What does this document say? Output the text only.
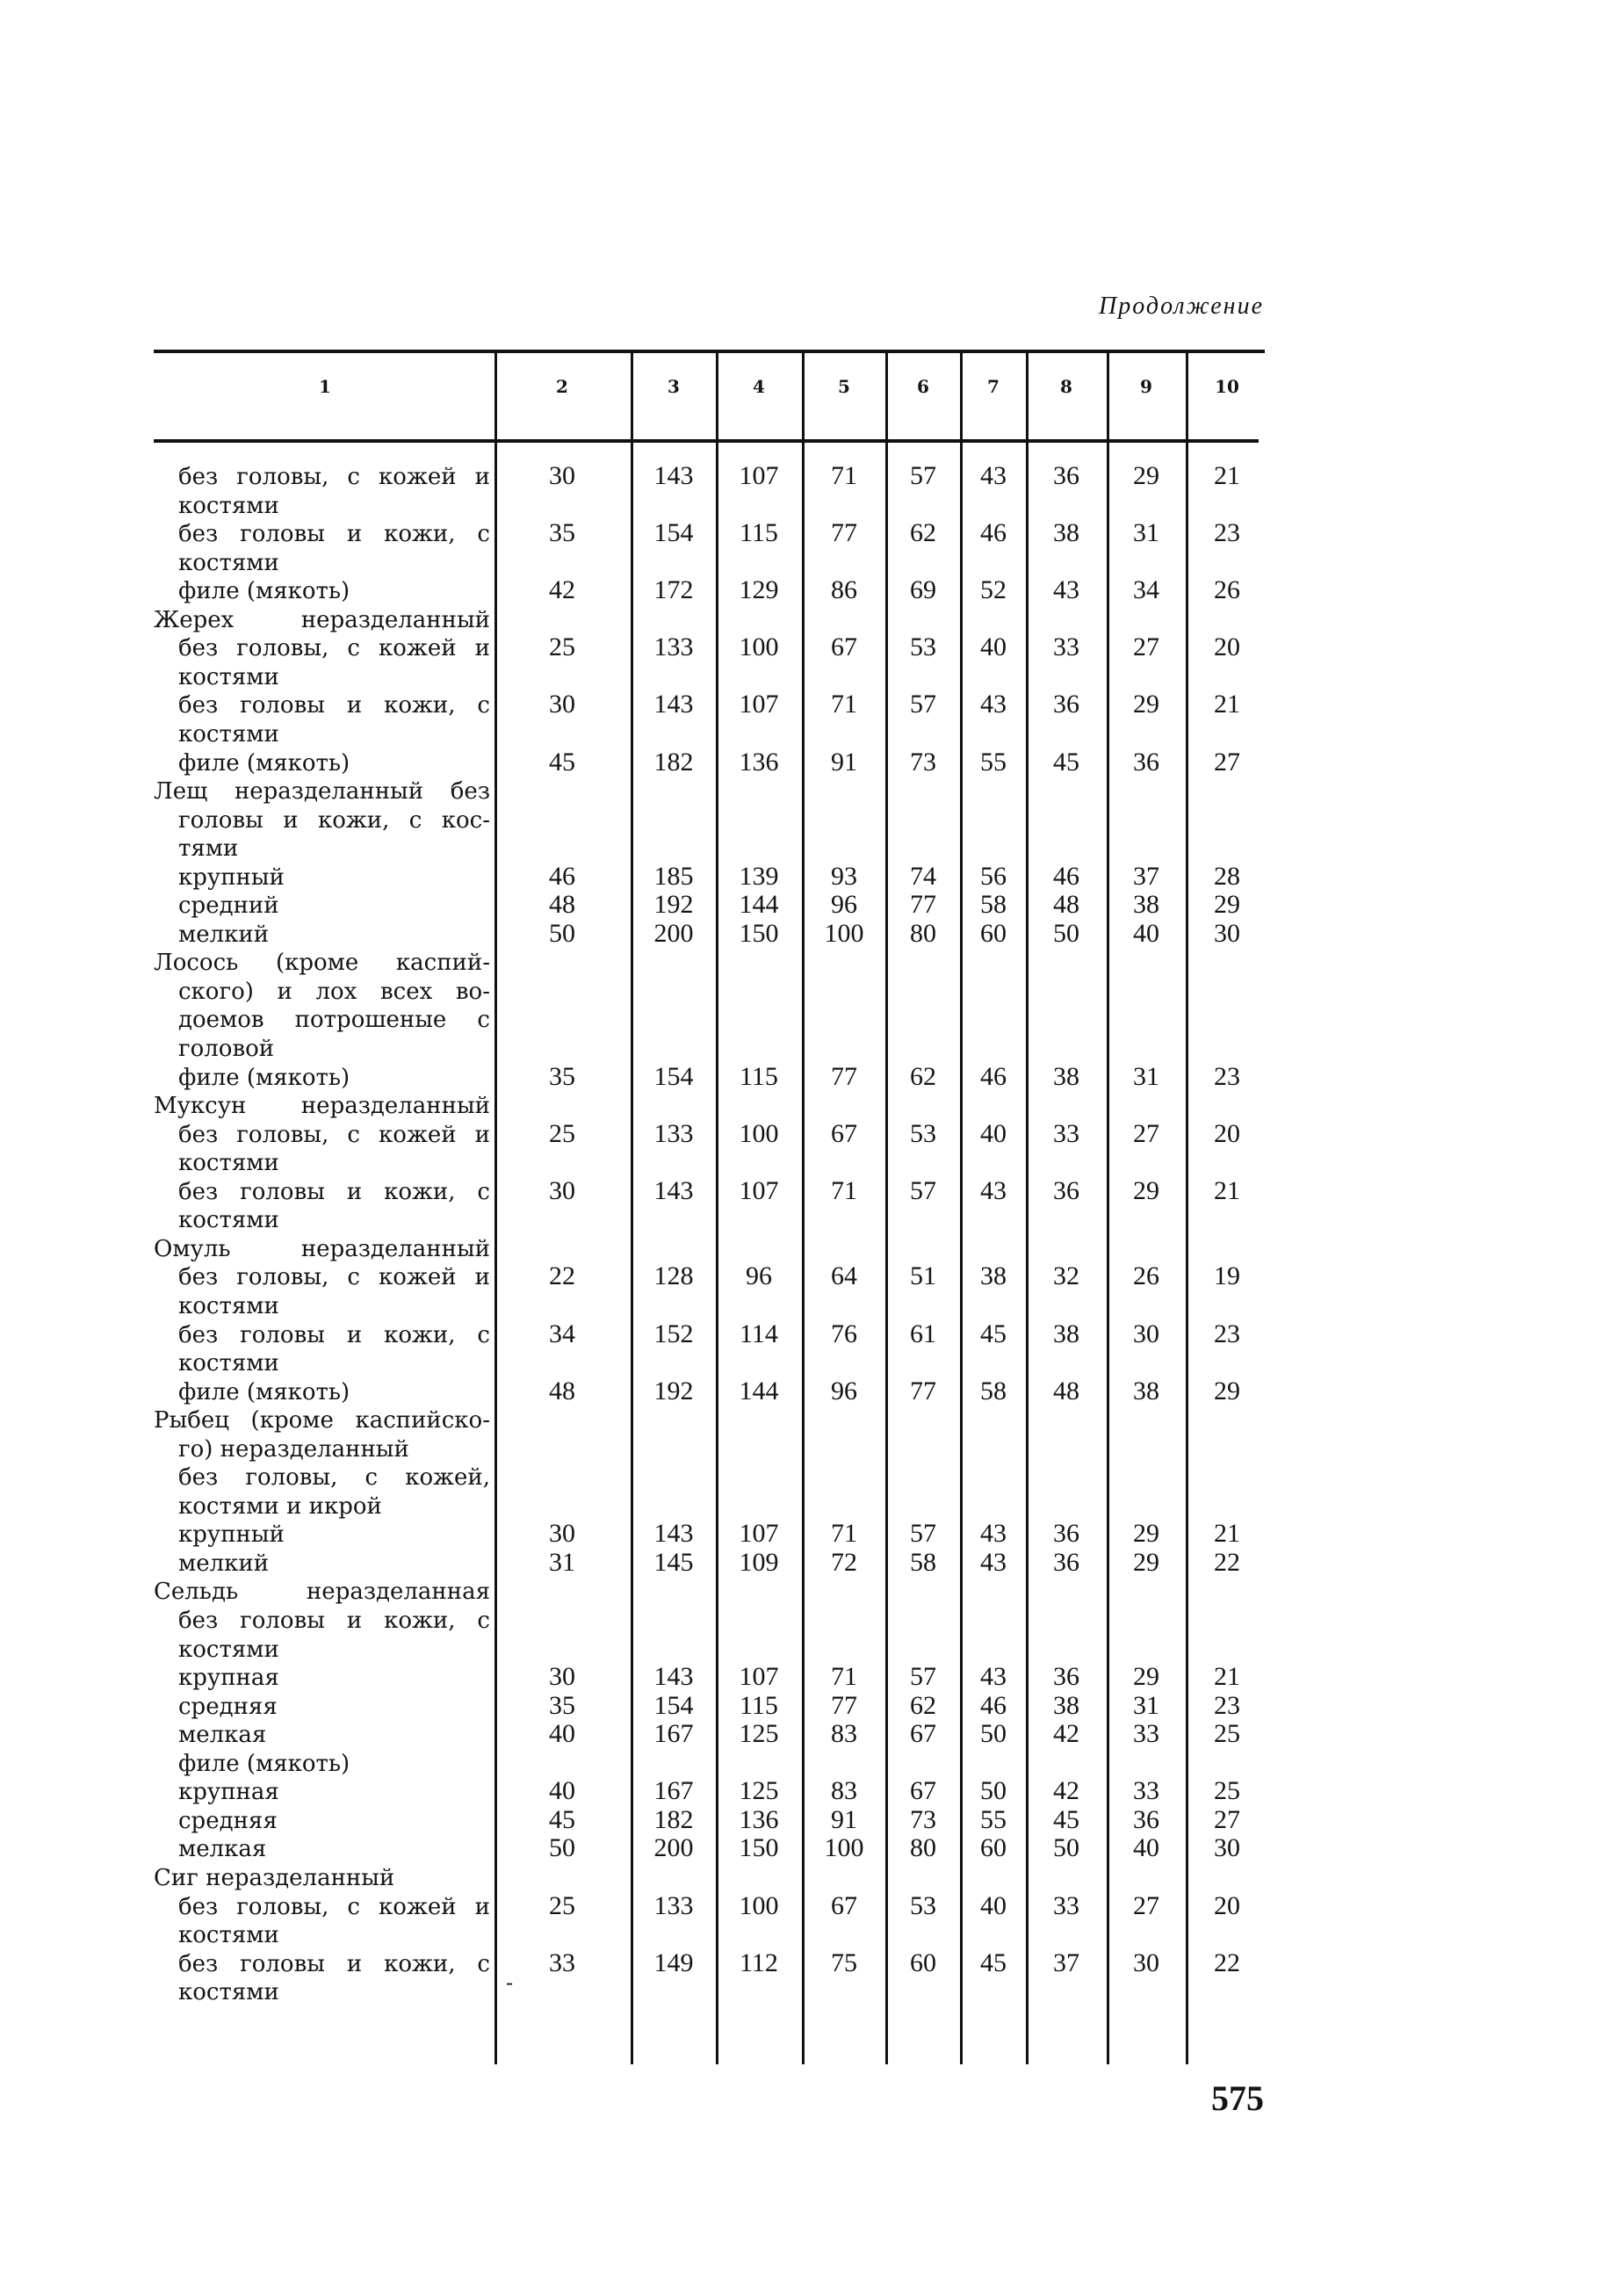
Продолжение
1	2	3	4	5	6	7	8	9	10
без головы, с кожей и	30	143	107	71	57	43	36	29	21
костями
без головы и кожи, с	35	154	115	77	62	46	38	31	23
костями
филе (мякоть)	42	172	129	86	69	52	43	34	26
Жерех неразделанный
без головы, с кожей и	25	133	100	67	53	40	33	27	20
костями
без головы и кожи, с	30	143	107	71	57	43	36	29	21
костями
филе (мякоть)	45	182	136	91	73	55	45	36	27
Лещ неразделанный без
головы и кожи, с кос-
тями
крупный	46	185	139	93	74	56	46	37	28
средний	48	192	144	96	77	58	48	38	29
мелкий	50	200	150	100	80	60	50	40	30
Лосось (кроме каспий-
ского) и лох всех во-
доемов потрошеные с
головой
филе (мякоть)	35	154	115	77	62	46	38	31	23
Муксун неразделанный
без головы, с кожей и	25	133	100	67	53	40	33	27	20
костями
без головы и кожи, с	30	143	107	71	57	43	36	29	21
костями
Омуль неразделанный
без головы, с кожей и	22	128	96	64	51	38	32	26	19
костями
без головы и кожи, с	34	152	114	76	61	45	38	30	23
костями
филе (мякоть)	48	192	144	96	77	58	48	38	29
Рыбец (кроме каспийско-
го) неразделанный
без головы, с кожей,
костями и икрой
крупный	30	143	107	71	57	43	36	29	21
мелкий	31	145	109	72	58	43	36	29	22
Сельдь неразделанная
без головы и кожи, с
костями
крупная	30	143	107	71	57	43	36	29	21
средняя	35	154	115	77	62	46	38	31	23
мелкая	40	167	125	83	67	50	42	33	25
филе (мякоть)
крупная	40	167	125	83	67	50	42	33	25
средняя	45	182	136	91	73	55	45	36	27
мелкая	50	200	150	100	80	60	50	40	30
Сиг неразделанный
без головы, с кожей и	25	133	100	67	53	40	33	27	20
костями
без головы и кожи, с	33	149	112	75	60	45	37	30	22
костями	-
575
